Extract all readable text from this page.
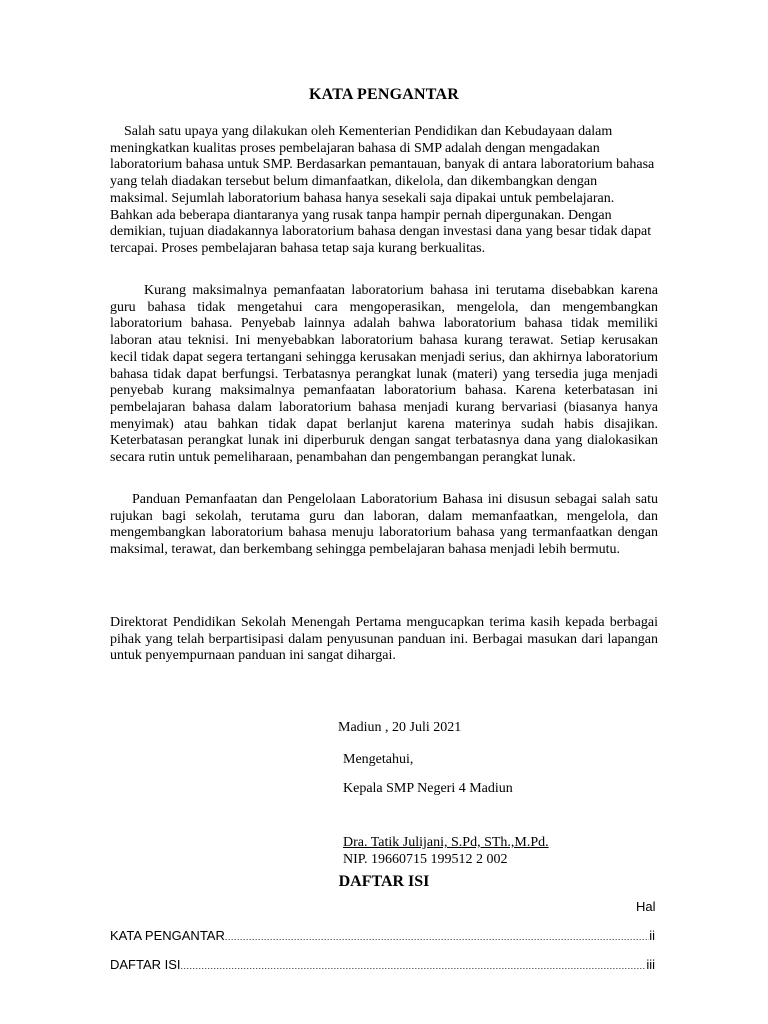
KATA PENGANTAR

Salah satu upaya yang dilakukan oleh Kementerian Pendidikan dan Kebudayaan dalam meningkatkan kualitas proses pembelajaran bahasa di SMP adalah dengan mengadakan laboratorium bahasa untuk SMP. Berdasarkan pemantauan, banyak di antara laboratorium bahasa yang telah diadakan tersebut belum dimanfaatkan, dikelola, dan dikembangkan dengan maksimal. Sejumlah laboratorium bahasa hanya sesekali saja dipakai untuk pembelajaran. Bahkan ada beberapa diantaranya yang rusak tanpa hampir pernah dipergunakan. Dengan demikian, tujuan diadakannya laboratorium bahasa dengan investasi dana yang besar tidak dapat tercapai. Proses pembelajaran bahasa tetap saja kurang berkualitas.

Kurang maksimalnya pemanfaatan laboratorium bahasa ini terutama disebabkan karena guru bahasa tidak mengetahui cara mengoperasikan, mengelola, dan mengembangkan laboratorium bahasa. Penyebab lainnya adalah bahwa laboratorium bahasa tidak memiliki laboran atau teknisi. Ini menyebabkan laboratorium bahasa kurang terawat. Setiap kerusakan kecil tidak dapat segera tertangani sehingga kerusakan menjadi serius, dan akhirnya laboratorium bahasa tidak dapat berfungsi. Terbatasnya perangkat lunak (materi) yang tersedia juga menjadi penyebab kurang maksimalnya pemanfaatan laboratorium bahasa. Karena keterbatasan ini pembelajaran bahasa dalam laboratorium bahasa menjadi kurang bervariasi (biasanya hanya menyimak) atau bahkan tidak dapat berlanjut karena materinya sudah habis disajikan. Keterbatasan perangkat lunak ini diperburuk dengan sangat terbatasnya dana yang dialokasikan secara rutin untuk pemeliharaan, penambahan dan pengembangan perangkat lunak.

Panduan Pemanfaatan dan Pengelolaan Laboratorium Bahasa ini disusun sebagai salah satu rujukan bagi sekolah, terutama guru dan laboran, dalam memanfaatkan, mengelola, dan mengembangkan laboratorium bahasa menuju laboratorium bahasa yang termanfaatkan dengan maksimal, terawat, dan berkembang sehingga pembelajaran bahasa menjadi lebih bermutu.

Direktorat Pendidikan Sekolah Menengah Pertama mengucapkan terima kasih kepada berbagai pihak yang telah berpartisipasi dalam penyusunan panduan ini. Berbagai masukan dari lapangan untuk penyempurnaan panduan ini sangat dihargai.

Madiun , 20 Juli 2021
Mengetahui,
Kepala SMP Negeri 4 Madiun
Dra. Tatik Julijani, S.Pd, STh.,M.Pd.
NIP. 19660715 199512 2 002
DAFTAR ISI
Hal
KATA PENGANTAR .....	ii
DAFTAR ISI .....	iii
